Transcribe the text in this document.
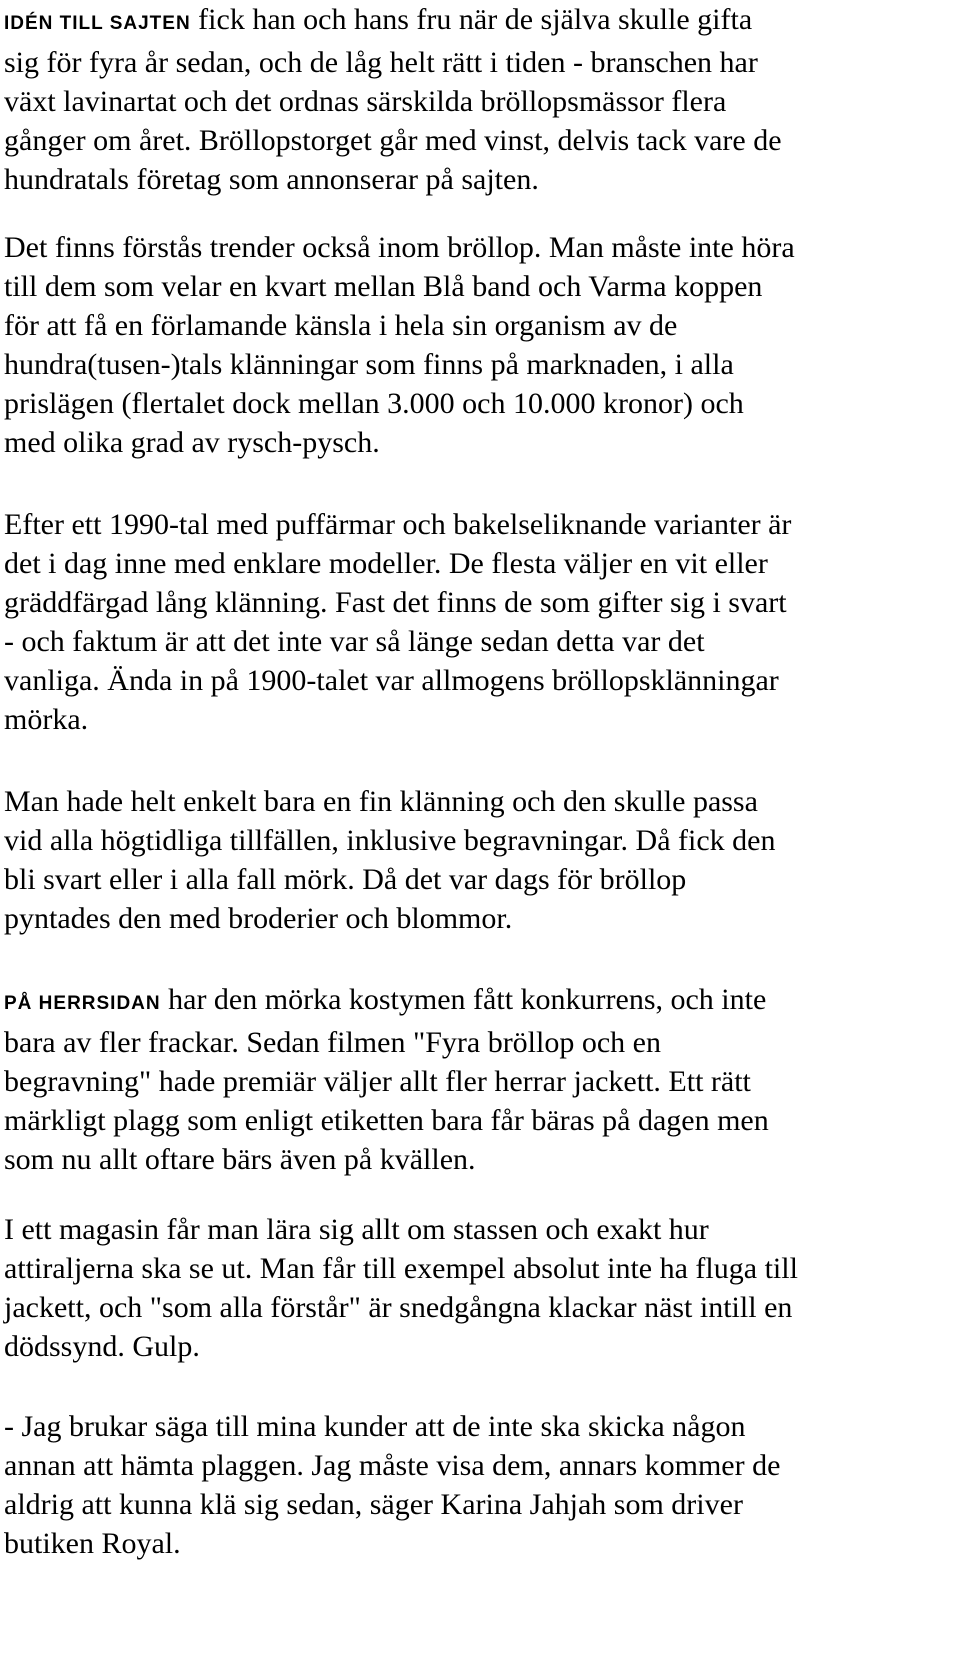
IDÉN TILL SAJTEN fick han och hans fru när de själva skulle gifta
sig för fyra år sedan, och de låg helt rätt i tiden - branschen har
växt lavinartat och det ordnas särskilda bröllopsmässor flera
gånger om året. Bröllopstorget går med vinst, delvis tack vare de
hundratals företag som annonserar på sajten.

Det finns förstås trender också inom bröllop. Man måste inte höra
till dem som velar en kvart mellan Blå band och Varma koppen
för att få en förlamande känsla i hela sin organism av de
hundra(tusen-)tals klänningar som finns på marknaden, i alla
prislägen (flertalet dock mellan 3.000 och 10.000 kronor) och
med olika grad av rysch-pysch.

Efter ett 1990-tal med puffärmar och bakelseliknande varianter är
det i dag inne med enklare modeller. De flesta väljer en vit eller
gräddfärgad lång klänning. Fast det finns de som gifter sig i svart
- och faktum är att det inte var så länge sedan detta var det
vanliga. Ända in på 1900-talet var allmogens bröllopsklänningar
mörka.

Man hade helt enkelt bara en fin klänning och den skulle passa
vid alla högtidliga tillfällen, inklusive begravningar. Då fick den
bli svart eller i alla fall mörk. Då det var dags för bröllop
pyntades den med broderier och blommor.

PÅ HERRSIDAN har den mörka kostymen fått konkurrens, och inte
bara av fler frackar. Sedan filmen "Fyra bröllop och en
begravning" hade premiär väljer allt fler herrar jackett. Ett rätt
märkligt plagg som enligt etiketten bara får bäras på dagen men
som nu allt oftare bärs även på kvällen.

I ett magasin får man lära sig allt om stassen och exakt hur
attiraljerna ska se ut. Man får till exempel absolut inte ha fluga till
jackett, och "som alla förstår" är snedgångna klackar näst intill en
dödssynd. Gulp.

- Jag brukar säga till mina kunder att de inte ska skicka någon
annan att hämta plaggen. Jag måste visa dem, annars kommer de
aldrig att kunna klä sig sedan, säger Karina Jahjah som driver
butiken Royal.
